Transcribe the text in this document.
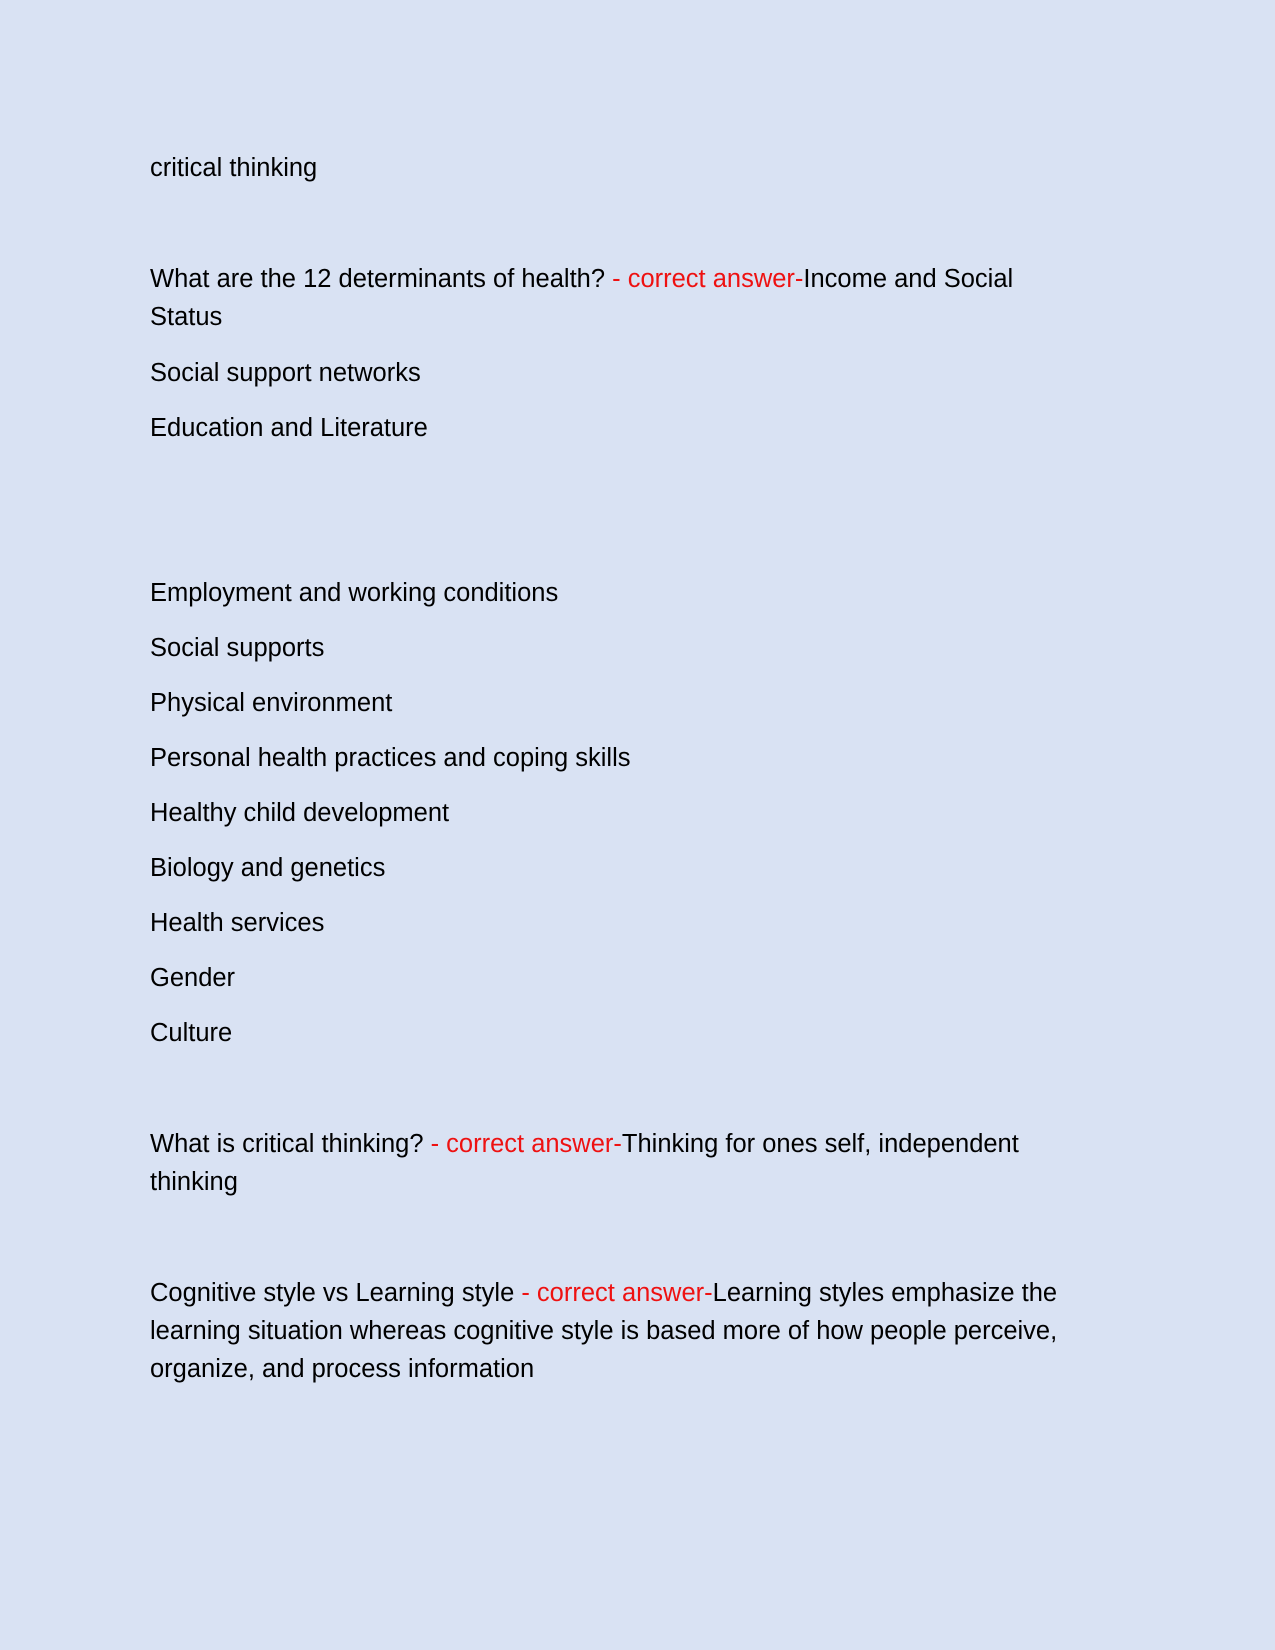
critical thinking
What are the 12 determinants of health? - correct answer-Income and Social Status
Social support networks
Education and Literature
Employment and working conditions
Social supports
Physical environment
Personal health practices and coping skills
Healthy child development
Biology and genetics
Health services
Gender
Culture
What is critical thinking? - correct answer-Thinking for ones self, independent thinking
Cognitive style vs Learning style - correct answer-Learning styles emphasize the learning situation whereas cognitive style is based more of how people perceive, organize, and process information
